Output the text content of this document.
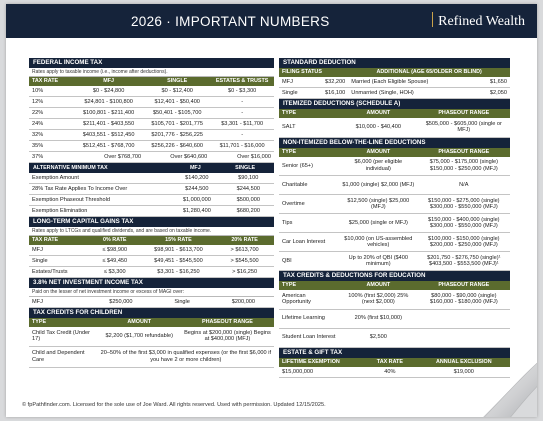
2026 · IMPORTANT NUMBERS	Refined Wealth
FEDERAL INCOME TAX
Rates apply to taxable income (i.e., income after deductions).
TAX RATE	MFJ	SINGLE	ESTATES & TRUSTS
10%	$0 - $24,800	$0 - $12,400	$0 - $3,300
12%	$24,801 - $100,800	$12,401 - $50,400	-
22%	$100,801 - $211,400	$50,401 - $105,700	-
24%	$211,401 - $403,550	$105,701 - $201,775	$3,301 - $11,700
32%	$403,551 - $512,450	$201,776 - $256,225	-
35%	$512,451 - $768,700	$256,226 - $640,600	$11,701 - $16,000
37%	Over $768,700	Over $640,600	Over $16,000
ALTERNATIVE MINIMUM TAX	MFJ	SINGLE
Exemption Amount	$140,200	$90,100
28% Tax Rate Applies To Income Over	$244,500	$244,500
Exemption Phaseout Threshold	$1,000,000	$500,000
Exemption Elimination	$1,280,400	$680,200
LONG-TERM CAPITAL GAINS TAX
Rates apply to LTCGs and qualified dividends, and are based on taxable income.
TAX RATE	0% RATE	15% RATE	20% RATE
MFJ	≤ $98,900	$98,901 - $613,700	> $613,700
Single	≤ $49,450	$49,451 - $545,500	> $545,500
Estates/Trusts	≤ $3,300	$3,301 - $16,250	> $16,250
3.8% NET INVESTMENT INCOME TAX
Paid on the lesser of net investment income or excess of MAGI over:
MFJ	$250,000	Single	$200,000
TAX CREDITS FOR CHILDREN
TYPE	AMOUNT	PHASEOUT RANGE
Child Tax Credit (Under 17)	$2,200 ($1,700 refundable)	Begins at $200,000 (single) Begins at $400,000 (MFJ)
Child and Dependent Care	20–50% of the first $3,000 in qualified expenses (or the first $6,000 if you have 2 or more children)	
STANDARD DEDUCTION
FILING STATUS		ADDITIONAL (AGE 65/OLDER OR BLIND)	
MFJ	$32,200	Married (Each Eligible Spouse)	$1,650
Single	$16,100	Unmarried (Single, HOH)	$2,050
ITEMIZED DEDUCTIONS (SCHEDULE A)
TYPE	AMOUNT	PHASEOUT RANGE
SALT	$10,000 - $40,400	$505,000 - $605,000 (single or MFJ)
NON-ITEMIZED BELOW-THE-LINE DEDUCTIONS
TYPE	AMOUNT	PHASEOUT RANGE
Senior (65+)	$6,000 (per eligible individual)	$75,000 - $175,000 (single) $150,000 - $250,000 (MFJ)
Charitable	$1,000 (single) $2,000 (MFJ)	N/A
Overtime	$12,500 (single) $25,000 (MFJ)	$150,000 - $275,000 (single) $300,000 - $550,000 (MFJ)
Tips	$25,000 (single or MFJ)	$150,000 - $400,000 (single) $300,000 - $550,000 (MFJ)
Car Loan Interest	$10,000 (on US-assembled vehicles)	$100,000 - $150,000 (single) $200,000 - $250,000 (MFJ)
QBI	Up to 20% of QBI ($400 minimum)	$201,750 - $276,750 (single)¹ $403,500 - $553,500 (MFJ)¹
TAX CREDITS & DEDUCTIONS FOR EDUCATION
TYPE	AMOUNT	PHASEOUT RANGE
American Opportunity	100% (first $2,000) 25% (next $2,000)	$80,000 - $90,000 (single) $160,000 - $180,000 (MFJ)
Lifetime Learning	20% (first $10,000)	
Student Loan Interest	$2,500	
ESTATE & GIFT TAX
LIFETIME EXEMPTION	TAX RATE	ANNUAL EXCLUSION
$15,000,000	40%	$19,000
© fpPathfinder.com. Licensed for the sole use of Joe Ward. All rights reserved. Used with permission. Updated 12/15/2025.
